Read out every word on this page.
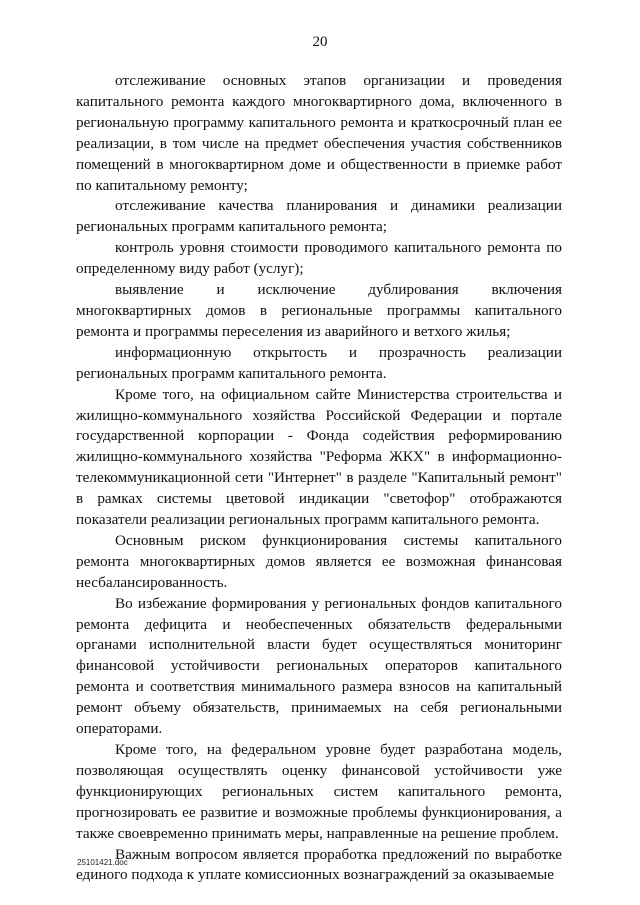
20

отслеживание основных этапов организации и проведения капитального ремонта каждого многоквартирного дома, включенного в региональную программу капитального ремонта и краткосрочный план ее реализации, в том числе на предмет обеспечения участия собственников помещений в многоквартирном доме и общественности в приемке работ по капитальному ремонту;

отслеживание качества планирования и динамики реализации региональных программ капитального ремонта;

контроль уровня стоимости проводимого капитального ремонта по определенному виду работ (услуг);

выявление и исключение дублирования включения многоквартирных домов в региональные программы капитального ремонта и программы переселения из аварийного и ветхого жилья;

информационную открытость и прозрачность реализации региональных программ капитального ремонта.

Кроме того, на официальном сайте Министерства строительства и жилищно-коммунального хозяйства Российской Федерации и портале государственной корпорации - Фонда содействия реформированию жилищно-коммунального хозяйства "Реформа ЖКХ" в информационно-телекоммуникационной сети "Интернет" в разделе "Капитальный ремонт" в рамках системы цветовой индикации "светофор" отображаются показатели реализации региональных программ капитального ремонта.

Основным риском функционирования системы капитального ремонта многоквартирных домов является ее возможная финансовая несбалансированность.

Во избежание формирования у региональных фондов капитального ремонта дефицита и необеспеченных обязательств федеральными органами исполнительной власти будет осуществляться мониторинг финансовой устойчивости региональных операторов капитального ремонта и соответствия минимального размера взносов на капитальный ремонт объему обязательств, принимаемых на себя региональными операторами.

Кроме того, на федеральном уровне будет разработана модель, позволяющая осуществлять оценку финансовой устойчивости уже функционирующих региональных систем капитального ремонта, прогнозировать ее развитие и возможные проблемы функционирования, а также своевременно принимать меры, направленные на решение проблем.

Важным вопросом является проработка предложений по выработке единого подхода к уплате комиссионных вознаграждений за оказываемые

25101421.doc
